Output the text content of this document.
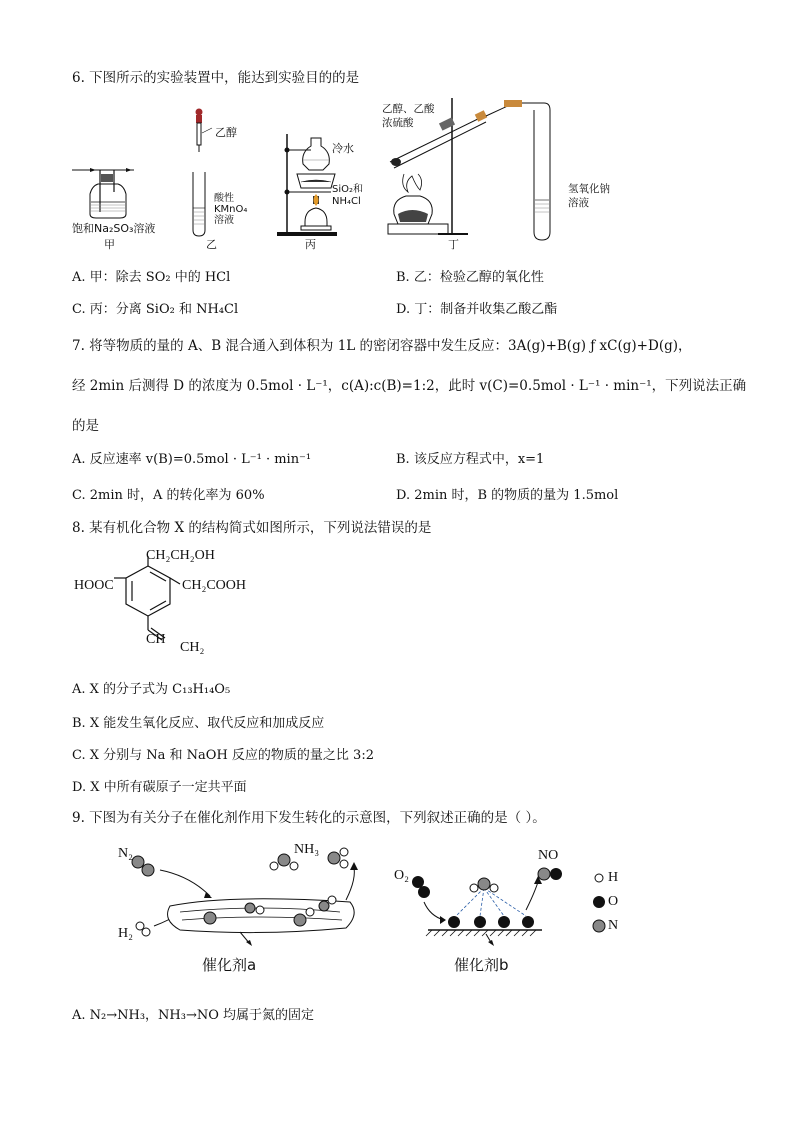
6. 下图所示的实验装置中，能达到实验目的的是
饱和Na₂SO₃溶液
甲
乙醇
酸性
KMnO₄
溶液
乙
冷水
SiO₂和
NH₄Cl
丙
乙醇、乙酸
浓硫酸
氢氧化钠
溶液
丁
A. 甲：除去 SO₂ 中的 HCl	B. 乙：检验乙醇的氧化性
C. 丙：分离 SiO₂ 和 NH₄Cl	D. 丁：制备并收集乙酸乙酯
7. 将等物质的量的 A、B 混合通入到体积为 1L 的密闭容器中发生反应：3A(g)+B(g) ƒ xC(g)+D(g)，
经 2min 后测得 D 的浓度为 0.5mol · L⁻¹，c(A):c(B)=1:2，此时 v(C)=0.5mol · L⁻¹ · min⁻¹，下列说法正确
的是
A. 反应速率 v(B)=0.5mol · L⁻¹ · min⁻¹	B. 该反应方程式中，x=1
C. 2min 时，A 的转化率为 60%	D. 2min 时，B 的物质的量为 1.5mol
8. 某有机化合物 X 的结构简式如图所示，下列说法错误的是
CH₂CH₂OH
HOOC	CH₂COOH
CH
CH₂
A. X 的分子式为 C₁₃H₁₄O₅
B. X 能发生氧化反应、取代反应和加成反应
C. X 分别与 Na 和 NaOH 反应的物质的量之比 3:2
D. X 中所有碳原子一定共平面
9. 下图为有关分子在催化剂作用下发生转化的示意图，下列叙述正确的是（ ）。
N₂
H₂
NH₃
催化剂a
O₂
NO
催化剂b
H
O
N
A. N₂→NH₃，NH₃→NO 均属于氮的固定
